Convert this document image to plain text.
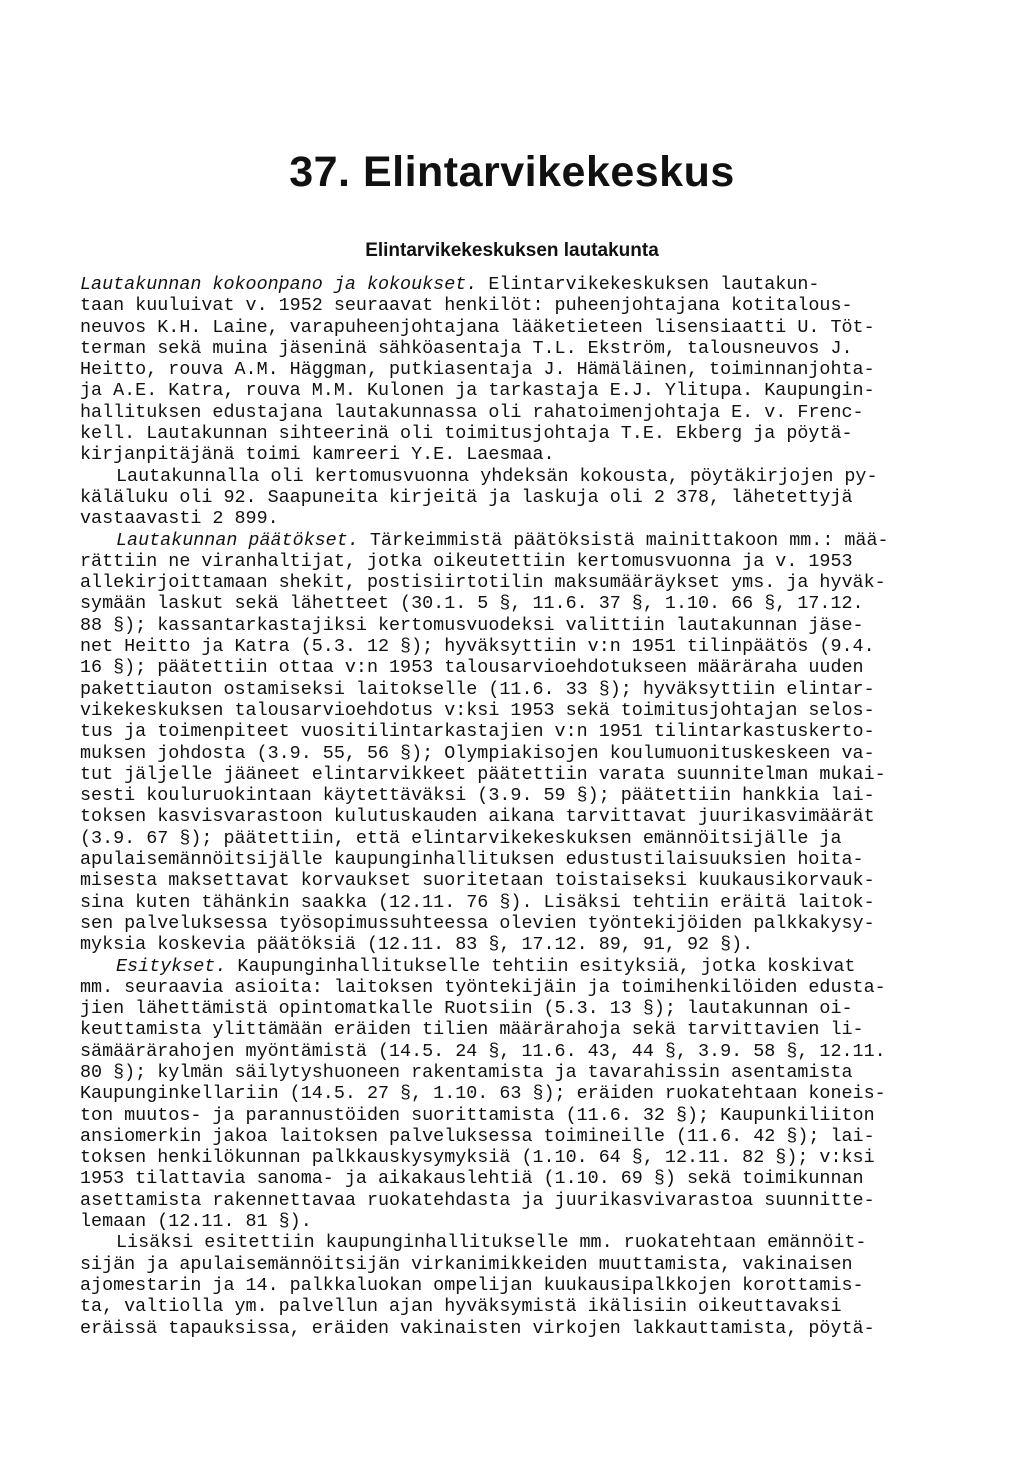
37. Elintarvikekeskus
Elintarvikekeskuksen lautakunta
Lautakunnan kokoonpano ja kokoukset. Elintarvikekeskuksen lautakun-
taan kuuluivat v. 1952 seuraavat henkilöt: puheenjohtajana kotitalous-
neuvos K.H. Laine, varapuheenjohtajana lääketieteen lisensiaatti U. Töt-
terman sekä muina jäseninä sähköasentaja T.L. Ekström, talousneuvos J.
Heitto, rouva A.M. Häggman, putkiasentaja J. Hämäläinen, toiminnanjohta-
ja A.E. Katra, rouva M.M. Kulonen ja tarkastaja E.J. Ylitupa. Kaupungin-
hallituksen edustajana lautakunnassa oli rahatoimenjohtaja E. v. Frenc-
kell. Lautakunnan sihteerinä oli toimitusjohtaja T.E. Ekberg ja pöytä-
kirjanpitäjänä toimi kamreeri Y.E. Laesmaa.
Lautakunnalla oli kertomusvuonna yhdeksän kokousta, pöytäkirjojen py-
käläluku oli 92. Saapuneita kirjeitä ja laskuja oli 2 378, lähetettyjä
vastaavasti 2 899.
Lautakunnan päätökset. Tärkeimmistä päätöksistä mainittakoon mm.: mää-
rättiin ne viranhaltijat, jotka oikeutettiin kertomusvuonna ja v. 1953
allekirjoittamaan shekit, postisiirtotilin maksumääräykset yms. ja hyväk-
symään laskut sekä lähetteet (30.1. 5 §, 11.6. 37 §, 1.10. 66 §, 17.12.
88 §); kassantarkastajiksi kertomusvuodeksi valittiin lautakunnan jäse-
net Heitto ja Katra (5.3. 12 §); hyväksyttiin v:n 1951 tilinpäätös (9.4.
16 §); päätettiin ottaa v:n 1953 talousarvioehdotukseen määräraha uuden
pakettiauton ostamiseksi laitokselle (11.6. 33 §); hyväksyttiin elintar-
vikekeskuksen talousarvioehdotus v:ksi 1953 sekä toimitusjohtajan selos-
tus ja toimenpiteet vuositilintarkastajien v:n 1951 tilintarkastuskerto-
muksen johdosta (3.9. 55, 56 §); Olympiakisojen koulumuonituskeskeen va-
tut jäljelle jääneet elintarvikkeet päätettiin varata suunnitelman mukai-
sesti kouluruokintaan käytettäväksi (3.9. 59 §); päätettiin hankkia lai-
toksen kasvisvarastoon kulutuskauden aikana tarvittavat juurikasvimäärät
(3.9. 67 §); päätettiin, että elintarvikekeskuksen emännöitsijälle ja
apulaisemännöitsijälle kaupunginhallituksen edustustilaisuuksien hoita-
misesta maksettavat korvaukset suoritetaan toistaiseksi kuukausikorvauk-
sina kuten tähänkin saakka (12.11. 76 §). Lisäksi tehtiin eräitä laitok-
sen palveluksessa työsopimussuhteessa olevien työntekijöiden palkkakysy-
myksia koskevia päätöksiä (12.11. 83 §, 17.12. 89, 91, 92 §).
Esitykset. Kaupunginhallitukselle tehtiin esityksiä, jotka koskivat
mm. seuraavia asioita: laitoksen työntekijäin ja toimihenkilöiden edusta-
jien lähettämistä opintomatkalle Ruotsiin (5.3. 13 §); lautakunnan oi-
keuttamista ylittämään eräiden tilien määrärahoja sekä tarvittavien li-
sämäärärahojen myöntämistä (14.5. 24 §, 11.6. 43, 44 §, 3.9. 58 §, 12.11.
80 §); kylmän säilytyshuoneen rakentamista ja tavarahissin asentamista
Kaupunginkellariin (14.5. 27 §, 1.10. 63 §); eräiden ruokatehtaan koneis-
ton muutos- ja parannustöiden suorittamista (11.6. 32 §); Kaupunkiliiton
ansiomerkin jakoa laitoksen palveluksessa toimineille (11.6. 42 §); lai-
toksen henkilökunnan palkkauskysymyksiä (1.10. 64 §, 12.11. 82 §); v:ksi
1953 tilattavia sanoma- ja aikakauslehtiä (1.10. 69 §) sekä toimikunnan
asettamista rakennettavaa ruokatehdasta ja juurikasvivarastoa suunnitte-
lemaan (12.11. 81 §).
Lisäksi esitettiin kaupunginhallitukselle mm. ruokatehtaan emännöit-
sijän ja apulaisemännöitsijän virkanimikkeiden muuttamista, vakinaisen
ajomestarin ja 14. palkkaluokan ompelijan kuukausipalkkojen korottamis-
ta, valtiolla ym. palvellun ajan hyväksymistä ikälisiin oikeuttavaksi
eräissä tapauksissa, eräiden vakinaisten virkojen lakkauttamista, pöytä-
